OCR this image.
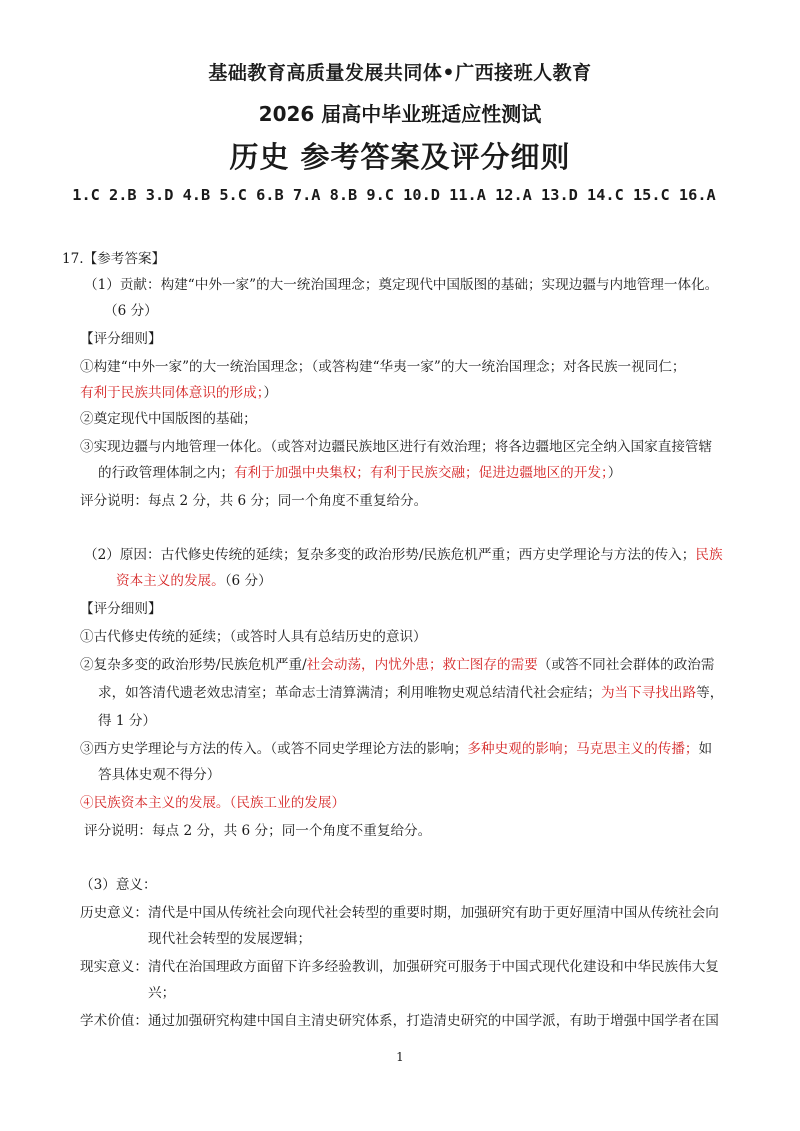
基础教育高质量发展共同体•广西接班人教育
2026 届高中毕业班适应性测试
历史 参考答案及评分细则
1.C 2.B 3.D 4.B 5.C 6.B 7.A 8.B 9.C 10.D 11.A 12.A 13.D 14.C 15.C 16.A
17.【参考答案】
（1）贡献：构建“中外一家”的大一统治国理念；奠定现代中国版图的基础；实现边疆与内地管理一体化。
（6 分）
【评分细则】
①构建“中外一家”的大一统治国理念；（或答构建“华夷一家”的大一统治国理念；对各民族一视同仁；
有利于民族共同体意识的形成；）
②奠定现代中国版图的基础；
③实现边疆与内地管理一体化。（或答对边疆民族地区进行有效治理；将各边疆地区完全纳入国家直接管辖
的行政管理体制之内；有利于加强中央集权；有利于民族交融；促进边疆地区的开发；）
评分说明：每点 2 分，共 6 分；同一个角度不重复给分。
（2）原因：古代修史传统的延续；复杂多变的政治形势/民族危机严重；西方史学理论与方法的传入；民族
资本主义的发展。（6 分）
【评分细则】
①古代修史传统的延续；（或答时人具有总结历史的意识）
②复杂多变的政治形势/民族危机严重/社会动荡，内忧外患；救亡图存的需要（或答不同社会群体的政治需
求，如答清代遗老效忠清室；革命志士清算满清；利用唯物史观总结清代社会症结；为当下寻找出路等，
得 1 分）
③西方史学理论与方法的传入。（或答不同史学理论方法的影响；多种史观的影响；马克思主义的传播；如
答具体史观不得分）
④民族资本主义的发展。（民族工业的发展）
评分说明：每点 2 分，共 6 分；同一个角度不重复给分。
（3）意义：
历史意义：清代是中国从传统社会向现代社会转型的重要时期，加强研究有助于更好厘清中国从传统社会向
现代社会转型的发展逻辑；
现实意义：清代在治国理政方面留下许多经验教训，加强研究可服务于中国式现代化建设和中华民族伟大复
兴；
学术价值：通过加强研究构建中国自主清史研究体系，打造清史研究的中国学派，有助于增强中国学者在国
1
